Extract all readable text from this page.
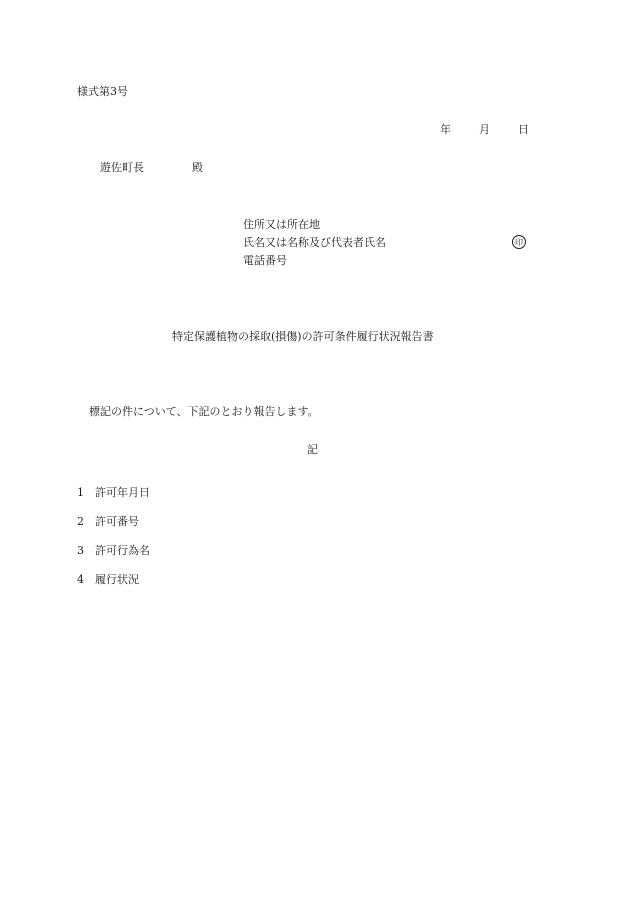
様式第3号
年	月	日
遊佐町長	殿
住所又は所在地
氏名又は名称及び代表者氏名	印
電話番号
特定保護植物の採取(損傷)の許可条件履行状況報告書
標記の件について、下記のとおり報告します。
記
1 許可年月日
2 許可番号
3 許可行為名
4 履行状況
